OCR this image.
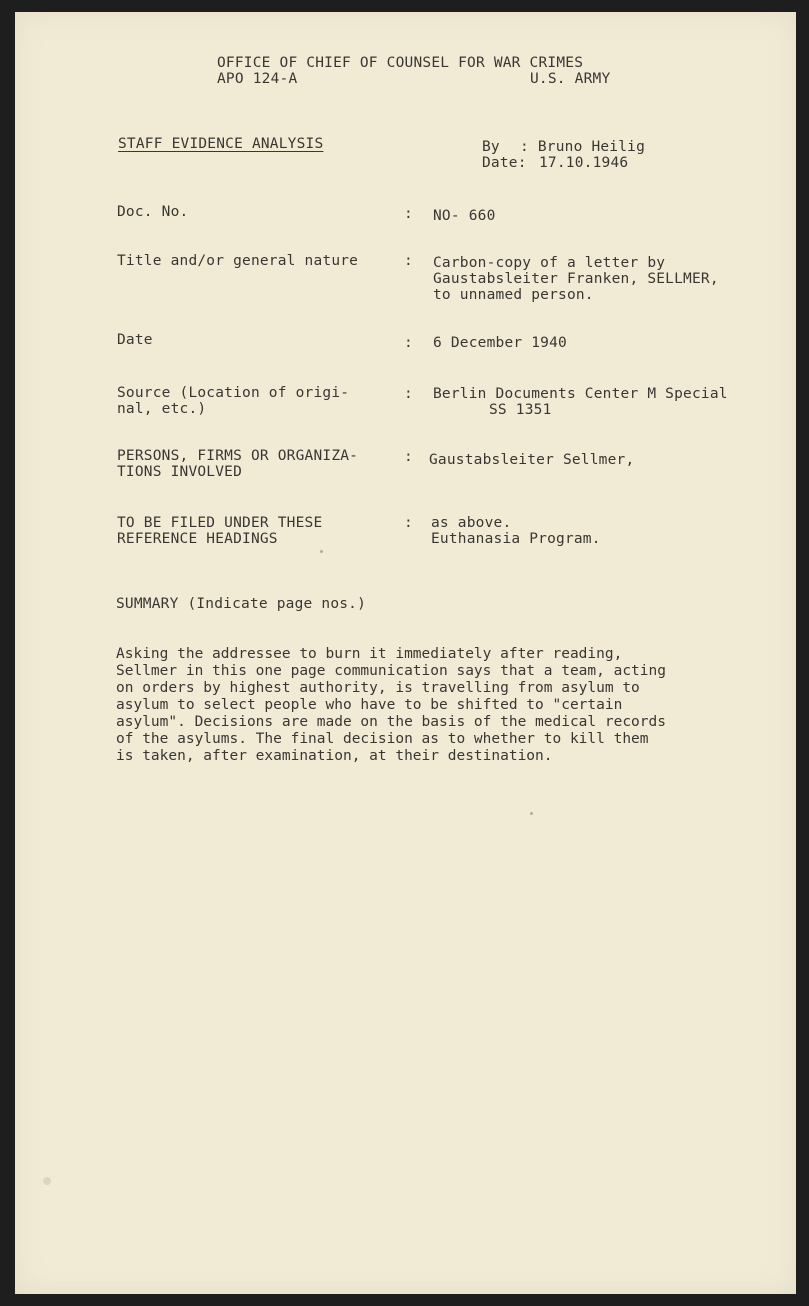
OFFICE OF CHIEF OF COUNSEL FOR WAR CRIMES
APO 124-A	U.S. ARMY
STAFF EVIDENCE ANALYSIS	By : Bruno Heilig
Date: 17.10.1946
Doc. No.	: NO- 660
Title and/or general nature	: Carbon-copy of a letter by
Gaustabsleiter Franken, SELLMER,
to unnamed person.
Date	: 6 December 1940
Source (Location of origi-
nal, etc.)
: Berlin Documents Center M Special
SS 1351
PERSONS, FIRMS OR ORGANIZA-
TIONS INVOLVED
: Gaustabsleiter Sellmer,
TO BE FILED UNDER THESE
REFERENCE HEADINGS
: as above.
Euthanasia Program.
SUMMARY (Indicate page nos.)
Asking the addressee to burn it immediately after reading,
Sellmer in this one page communication says that a team, acting
on orders by highest authority, is travelling from asylum to
asylum to select people who have to be shifted to "certain
asylum". Decisions are made on the basis of the medical records
of the asylums. The final decision as to whether to kill them
is taken, after examination, at their destination.
